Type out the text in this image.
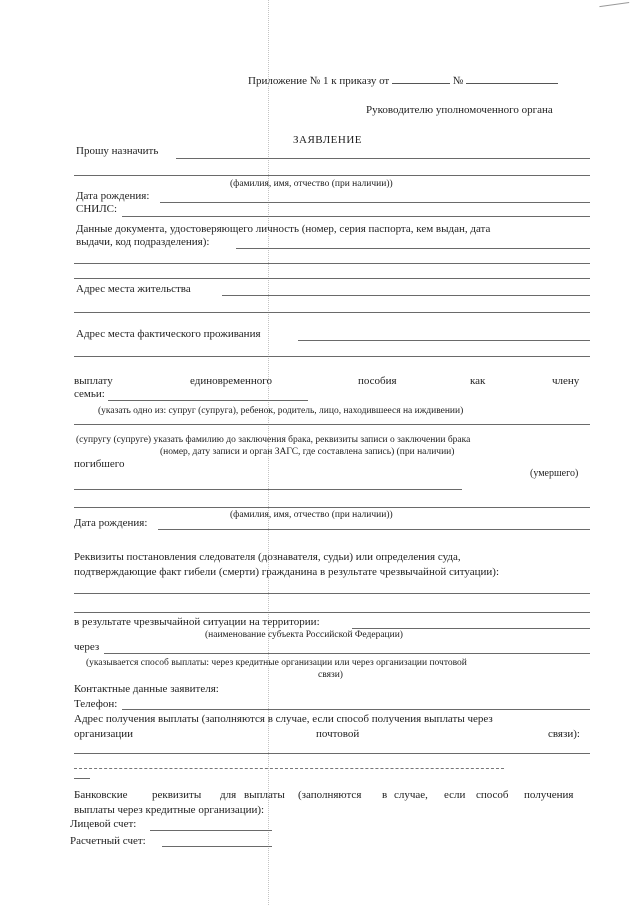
Приложение № 1 к приказу от	№
Руководителю уполномоченного органа
ЗАЯВЛЕНИЕ
Прошу назначить
(фамилия, имя, отчество (при наличии))
Дата рождения:
СНИЛС:
Данные документа, удостоверяющего личность (номер, серия паспорта, кем выдан, дата
выдачи, код подразделения):
Адрес места жительства
Адрес места фактического проживания
выплату	единовременного	пособия	как	члену
семьи:
(указать одно из: супруг (супруга), ребенок, родитель, лицо, находившееся на иждивении)
(супругу (супруге) указать фамилию до заключения брака, реквизиты записи о заключении брака
(номер, дату записи и орган ЗАГС, где составлена запись) (при наличии)
погибшего
(умершего)
(фамилия, имя, отчество (при наличии))
Дата рождения:
Реквизиты постановления следователя (дознавателя, судьи) или определения суда,
подтверждающие факт гибели (смерти) гражданина в результате чрезвычайной ситуации):
в результате чрезвычайной ситуации на территории:
(наименование субъекта Российской Федерации)
через
(указывается способ выплаты: через кредитные организации или через организации почтовой
связи)
Контактные данные заявителя:
Телефон:
Адрес получения выплаты (заполняются в случае, если способ получения выплаты через
организации	почтовой	связи):
Банковские реквизиты для выплаты (заполняются в случае, если способ получения
выплаты через кредитные организации):
Лицевой счет:
Расчетный счет:
